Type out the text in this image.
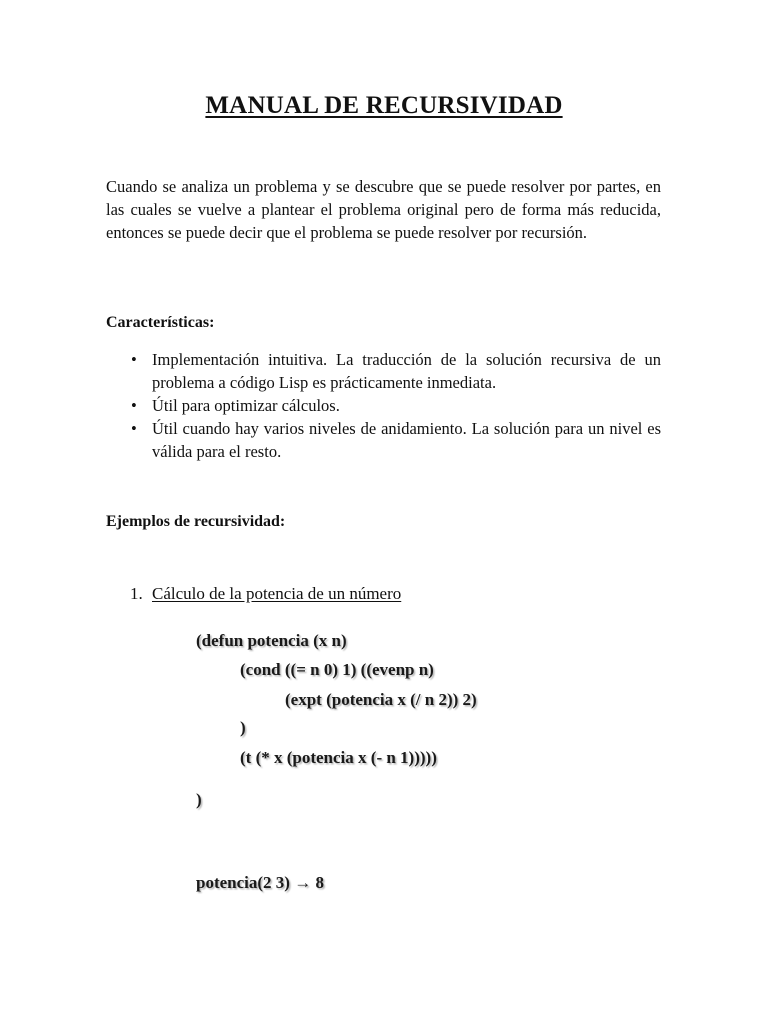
MANUAL DE RECURSIVIDAD

Cuando se analiza un problema y se descubre que se puede resolver por partes, en las cuales se vuelve a plantear el problema original pero de forma más reducida, entonces se puede decir que el problema se puede resolver por recursión.

Características:
• Implementación intuitiva. La traducción de la solución recursiva de un problema a código Lisp es prácticamente inmediata.
• Útil para optimizar cálculos.
• Útil cuando hay varios niveles de anidamiento. La solución para un nivel es válida para el resto.
Ejemplos de recursividad:
1. Cálculo de la potencia de un número
(defun potencia (x n)
(cond ((= n 0) 1) ((evenp n)
(expt (potencia x (/ n 2)) 2)
)
(t (* x (potencia x (- n 1)))))
)
potencia(2 3) → 8
